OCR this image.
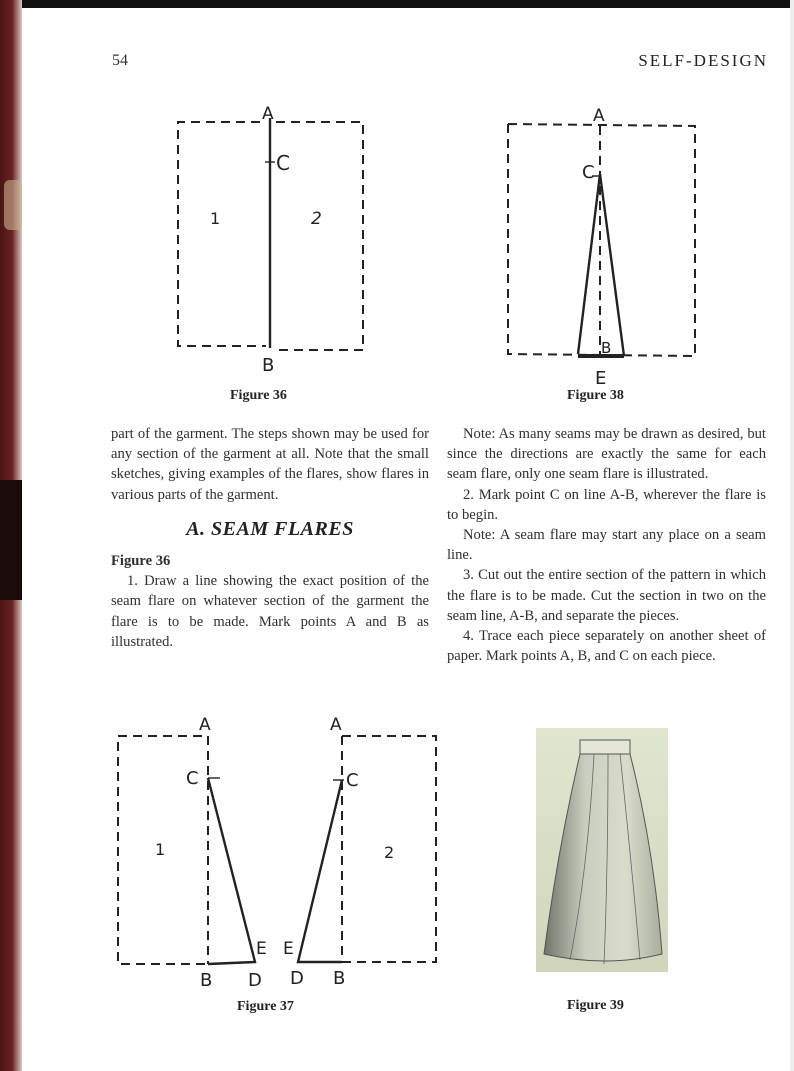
54	SELF-DESIGN
A
C
B
1	2
Figure 36
A
C
B
E
Figure 38

part of the garment. The steps shown may be used for any section of the garment at all. Note that the small sketches, giving examples of the flares, show flares in various parts of the garment.

A. SEAM FLARES
Figure 36

1. Draw a line showing the exact position of the seam flare on whatever section of the garment the flare is to be made. Mark points A and B as illustrated.

Note: As many seams may be drawn as desired, but since the directions are exactly the same for each seam flare, only one seam flare is illustrated.

2. Mark point C on line A-B, wherever the flare is to begin.

Note: A seam flare may start any place on a seam line.

3. Cut out the entire section of the pattern in which the flare is to be made. Cut the section in two on the seam line, A-B, and separate the pieces.

4. Trace each piece separately on another sheet of paper. Mark points A, B, and C on each piece.

A	A
C	C
1	2
E E
B D D B
Figure 37	Figure 39
